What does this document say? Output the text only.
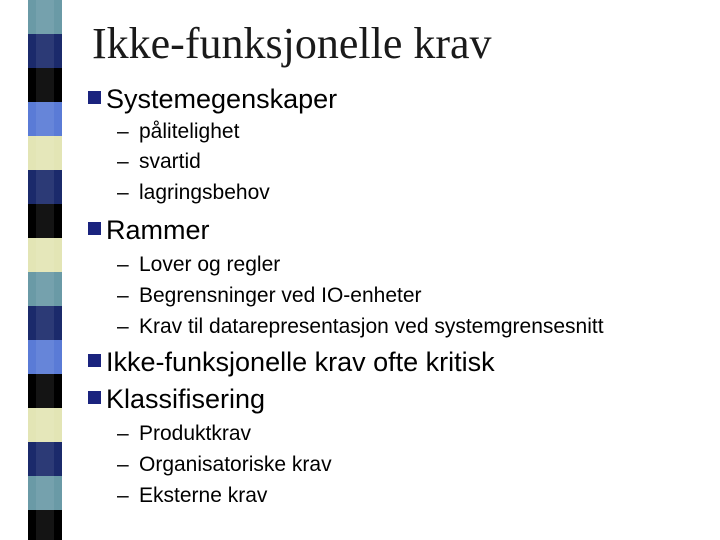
Ikke-funksjonelle krav
Systemegenskaper
– pålitelighet
– svartid
– lagringsbehov
Rammer
– Lover og regler
– Begrensninger ved IO-enheter
– Krav til datarepresentasjon ved systemgrensesnitt
Ikke-funksjonelle krav ofte kritisk
Klassifisering
– Produktkrav
– Organisatoriske krav
– Eksterne krav
